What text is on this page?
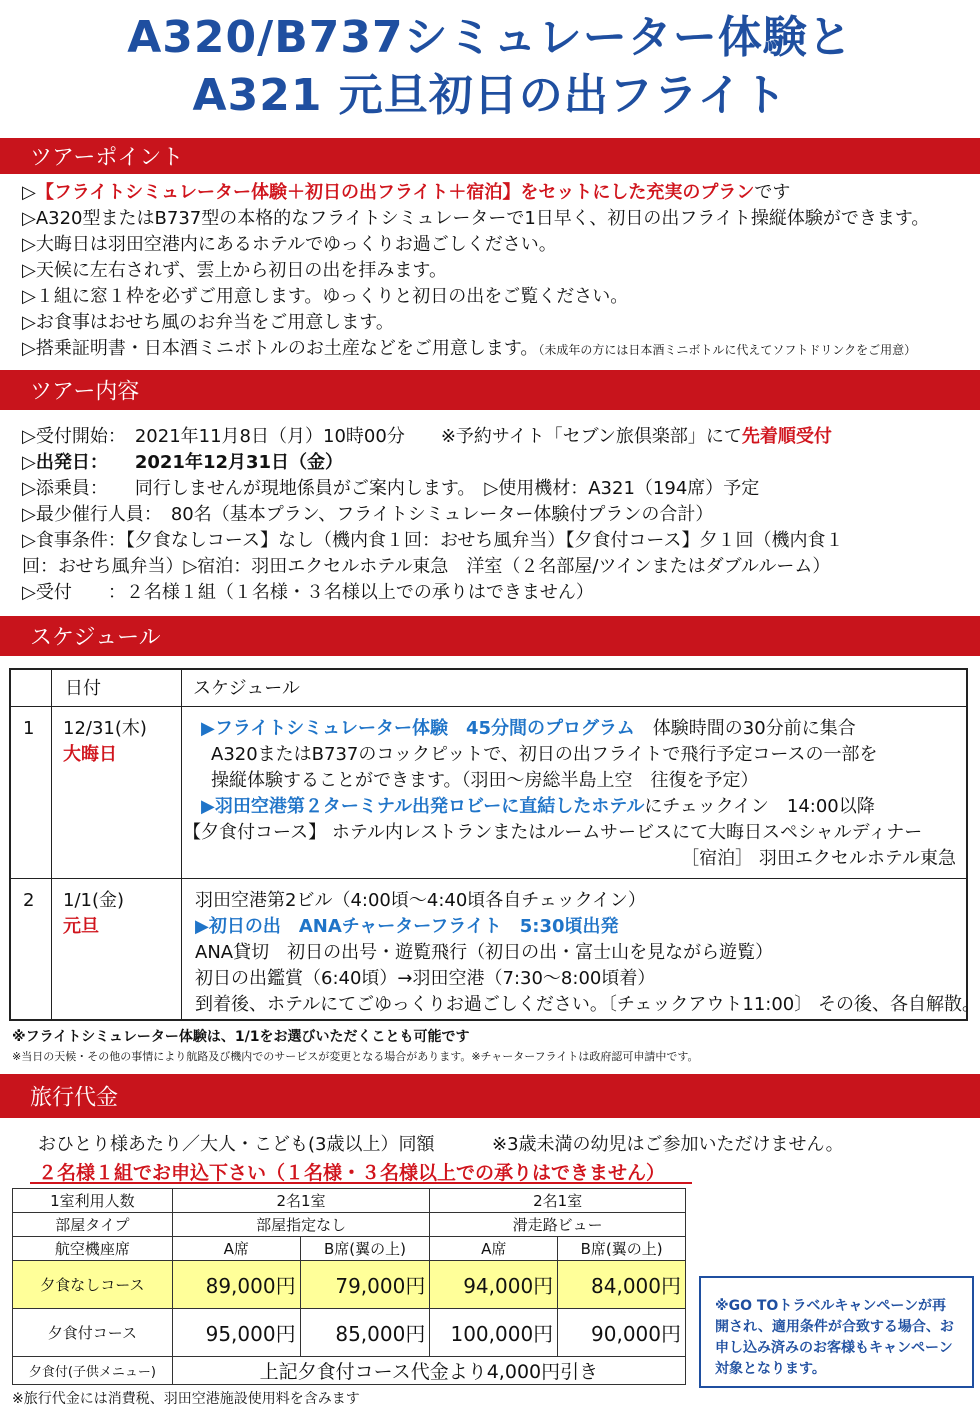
A320/B737シミュレーター体験と
A321 元旦初日の出フライト
ツアーポイント
▷【フライトシミュレーター体験＋初日の出フライト＋宿泊】をセットにした充実のプランです
▷A320型またはB737型の本格的なフライトシミュレーターで1日早く、初日の出フライト操縦体験ができます。
▷大晦日は羽田空港内にあるホテルでゆっくりお過ごしください。
▷天候に左右されず、雲上から初日の出を拝みます。
▷１組に窓１枠を必ずご用意します。ゆっくりと初日の出をご覧ください。
▷お食事はおせち風のお弁当をご用意します。
▷搭乗証明書・日本酒ミニボトルのお土産などをご用意します。（未成年の方には日本酒ミニボトルに代えてソフトドリンクをご用意）
ツアー内容
▷受付開始：　2021年11月8日（月）10時00分　　※予約サイト「セブン旅倶楽部」にて先着順受付
▷出発日：　　2021年12月31日（金）
▷添乗員：　　同行しませんが現地係員がご案内します。　▷使用機材：A321（194席）予定
▷最少催行人員：　80名（基本プラン、フライトシミュレーター体験付プランの合計）
▷食事条件：【夕食なしコース】なし（機内食１回：おせち風弁当）【夕食付コース】夕１回（機内食１
回：おせち風弁当）▷宿泊：羽田エクセルホテル東急　洋室（２名部屋/ツインまたはダブルルーム）
▷受付　　：２名様１組（１名様・３名様以上での承りはできません）
スケジュール
日付	スケジュール
1 12/31(木)
大晦日
▶フライトシミュレーター体験　45分間のプログラム　体験時間の30分前に集合
A320またはB737のコックピットで、初日の出フライトで飛行予定コースの一部を
操縦体験することができます。（羽田～房総半島上空　往復を予定）
▶羽田空港第２ターミナル出発ロビーに直結したホテルにチェックイン　14:00以降
【夕食付コース】 ホテル内レストランまたはルームサービスにて大晦日スペシャルディナー
［宿泊］ 羽田エクセルホテル東急
2 1/1(金)
元旦
羽田空港第2ビル（4:00頃～4:40頃各自チェックイン）
▶初日の出　ANAチャーターフライト　5:30頃出発
ANA貸切　初日の出号・遊覧飛行（初日の出・富士山を見ながら遊覧）
初日の出鑑賞（6:40頃）→羽田空港（7:30～8:00頃着）
到着後、ホテルにてごゆっくりお過ごしください。〔チェックアウト11:00〕 その後、各自解散。
※フライトシミュレーター体験は、1/1をお選びいただくことも可能です
※当日の天候・その他の事情により航路及び機内でのサービスが変更となる場合があります。※チャーターフライトは政府認可申請中です。
旅行代金
おひとり様あたり／大人・こども(3歳以上）同額	※3歳未満の幼児はご参加いただけません。
２名様１組でお申込下さい（１名様・３名様以上での承りはできません）
1室利用人数	2名1室		2名1室	
部屋タイプ	部屋指定なし		滑走路ビュー	
航空機座席	A席	B席(翼の上)	A席	B席(翼の上)
夕食なしコース	89,000円	79,000円	94,000円	84,000円
夕食付コース	95,000円	85,000円	100,000円	90,000円
夕食付(子供メニュー)	上記夕食付コース代金より4,000円引き			
※GO TOトラベルキャンペーンが再開され、適用条件が合致する場合、お申し込み済みのお客様もキャンペーン対象となります。
※旅行代金には消費税、羽田空港施設使用料を含みます
